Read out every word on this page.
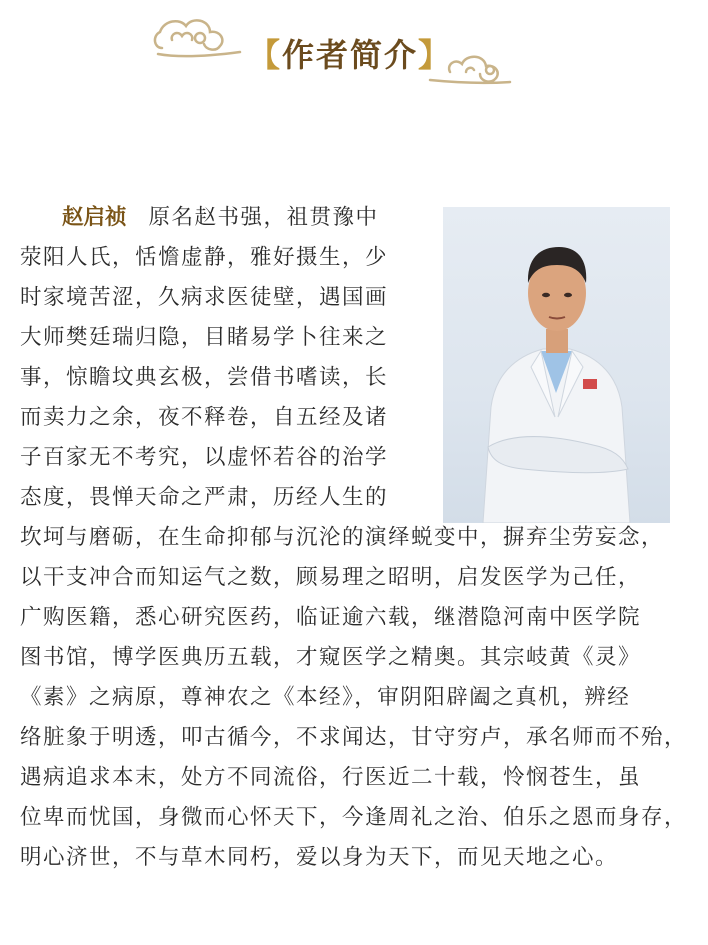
【作者简介】
赵启祯 原名赵书强，祖贯豫中
荥阳人氏，恬憺虚静，雅好摄生，少
时家境苦涩，久病求医徒壁，遇国画
大师樊廷瑞归隐，目睹易学卜往来之
事，惊瞻坟典玄极，尝借书嗜读，长
而卖力之余，夜不释卷，自五经及诸
子百家无不考究，以虚怀若谷的治学
态度，畏惮天命之严肃，历经人生的
坎坷与磨砺，在生命抑郁与沉沦的演绎蜕变中，摒弃尘劳妄念，
以干支冲合而知运气之数，顾易理之昭明，启发医学为己任，
广购医籍，悉心研究医药，临证逾六载，继潜隐河南中医学院
图书馆，博学医典历五载，才窥医学之精奥。其宗岐黄《灵》
《素》之病原，尊神农之《本经》，审阴阳辟阖之真机，辨经
络脏象于明透，叩古循今，不求闻达，甘守穷卢，承名师而不殆，
遇病追求本末，处方不同流俗，行医近二十载，怜悯苍生，虽
位卑而忧国，身微而心怀天下，今逢周礼之治、伯乐之恩而身存，
明心济世，不与草木同朽，爱以身为天下，而见天地之心。
